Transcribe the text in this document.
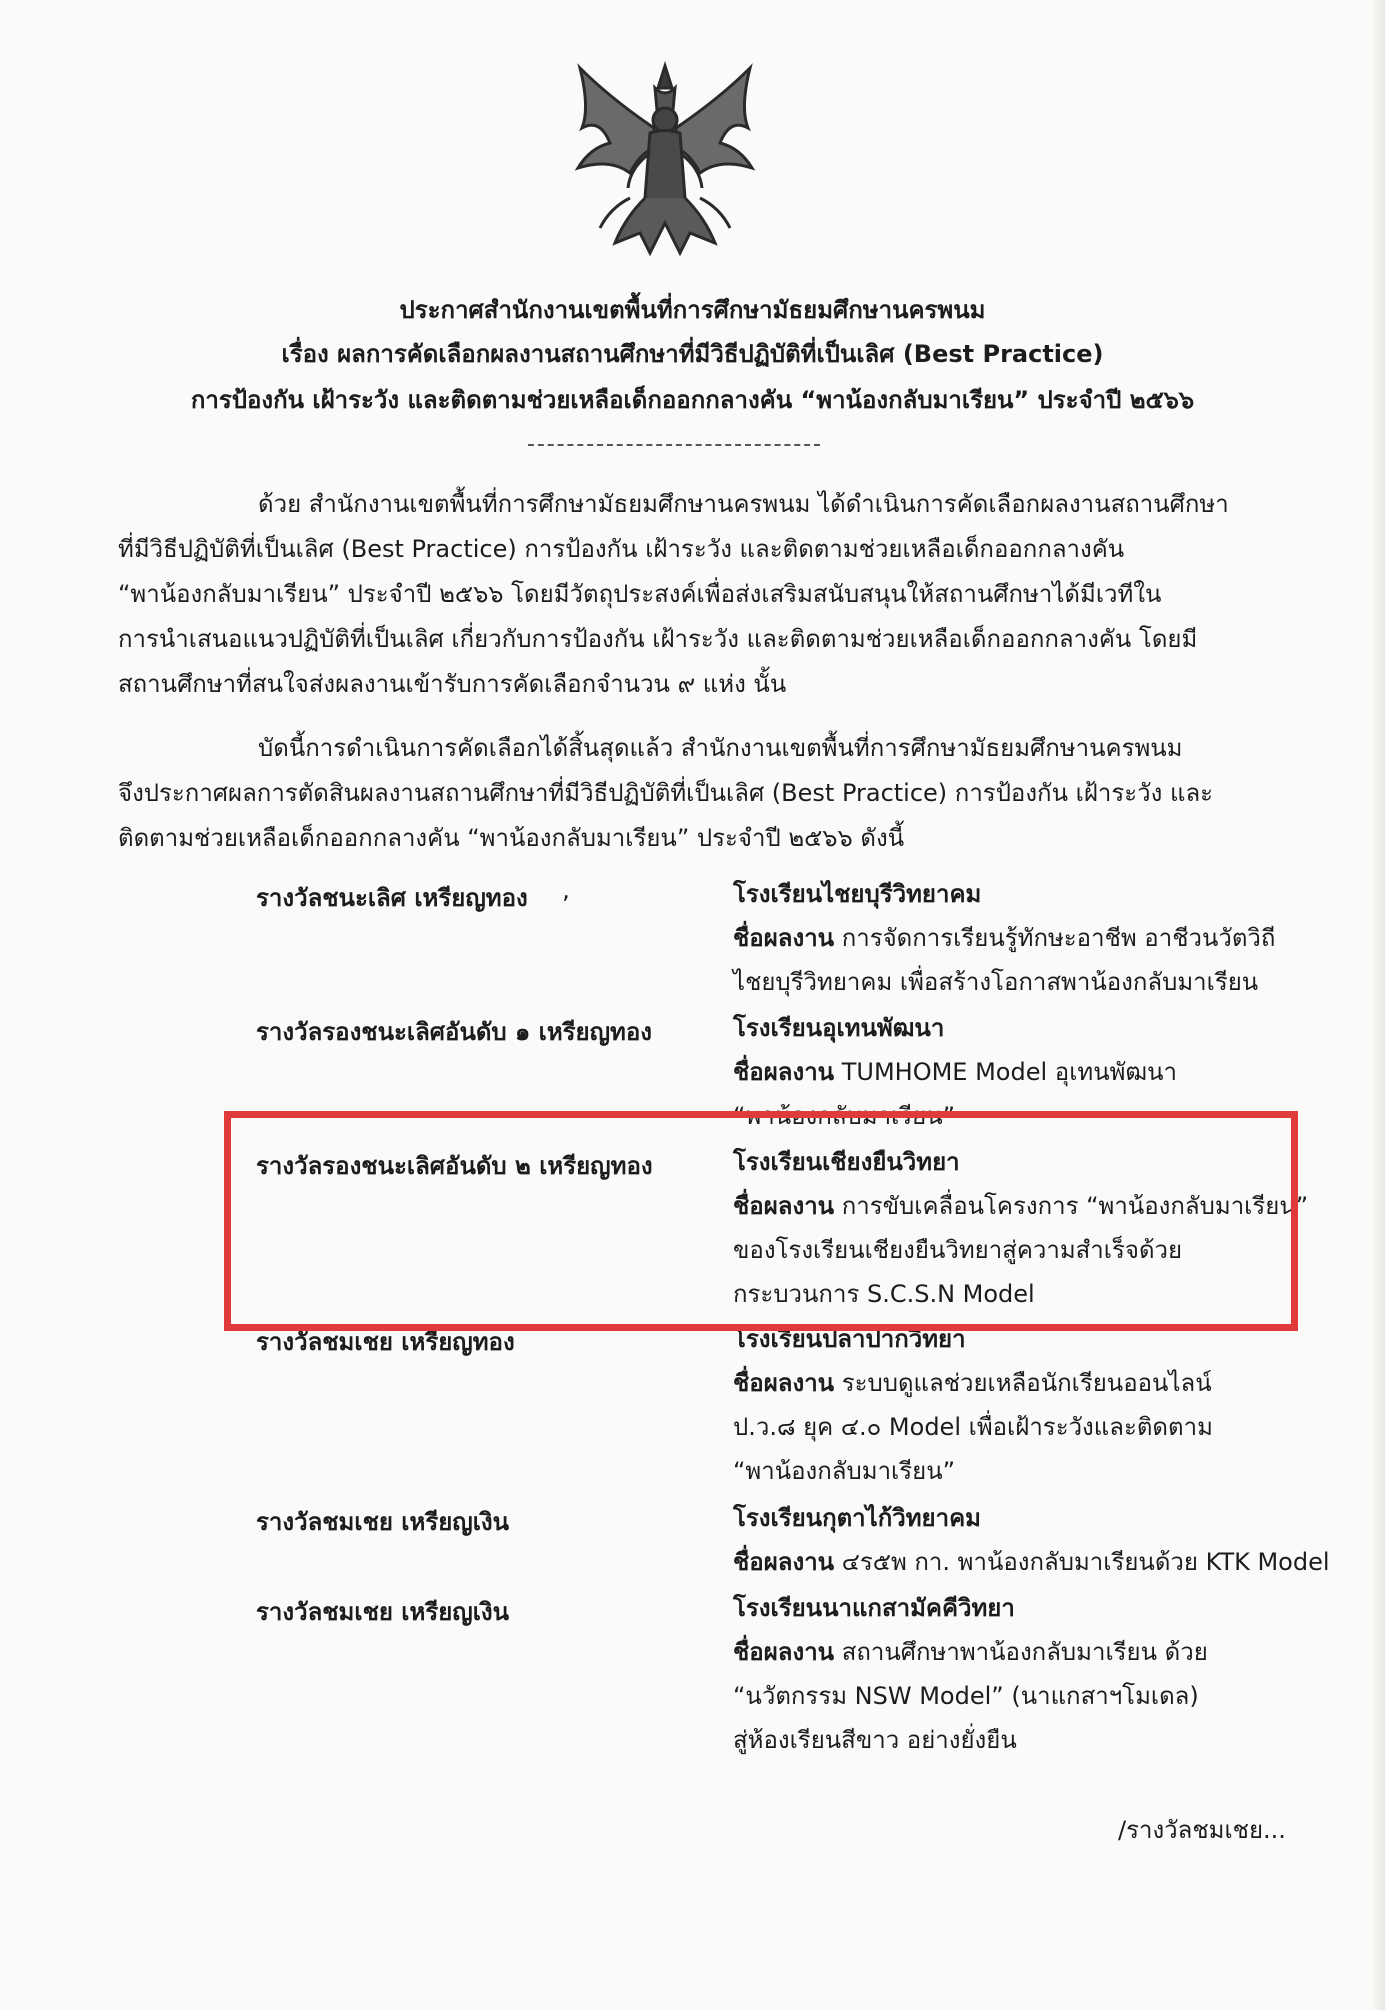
ประกาศสำนักงานเขตพื้นที่การศึกษามัธยมศึกษานครพนม
เรื่อง ผลการคัดเลือกผลงานสถานศึกษาที่มีวิธีปฏิบัติที่เป็นเลิศ (Best Practice)
การป้องกัน เฝ้าระวัง และติดตามช่วยเหลือเด็กออกกลางคัน “พาน้องกลับมาเรียน” ประจำปี ๒๕๖๖
ด้วย สำนักงานเขตพื้นที่การศึกษามัธยมศึกษานครพนม ได้ดำเนินการคัดเลือกผลงานสถานศึกษา
ที่มีวิธีปฏิบัติที่เป็นเลิศ (Best Practice) การป้องกัน เฝ้าระวัง และติดตามช่วยเหลือเด็กออกกลางคัน
“พาน้องกลับมาเรียน” ประจำปี ๒๕๖๖ โดยมีวัตถุประสงค์เพื่อส่งเสริมสนับสนุนให้สถานศึกษาได้มีเวทีใน
การนำเสนอแนวปฏิบัติที่เป็นเลิศ เกี่ยวกับการป้องกัน เฝ้าระวัง และติดตามช่วยเหลือเด็กออกกลางคัน โดยมี
สถานศึกษาที่สนใจส่งผลงานเข้ารับการคัดเลือกจำนวน ๙ แห่ง นั้น
บัดนี้การดำเนินการคัดเลือกได้สิ้นสุดแล้ว สำนักงานเขตพื้นที่การศึกษามัธยมศึกษานครพนม
จึงประกาศผลการตัดสินผลงานสถานศึกษาที่มีวิธีปฏิบัติที่เป็นเลิศ (Best Practice) การป้องกัน เฝ้าระวัง และ
ติดตามช่วยเหลือเด็กออกกลางคัน “พาน้องกลับมาเรียน” ประจำปี ๒๕๖๖ ดังนี้
รางวัลชนะเลิศ เหรียญทอง ‚	โรงเรียนไชยบุรีวิทยาคม
ชื่อผลงาน การจัดการเรียนรู้ทักษะอาชีพ อาชีวนวัตวิถี
ไชยบุรีวิทยาคม เพื่อสร้างโอกาสพาน้องกลับมาเรียน
รางวัลรองชนะเลิศอันดับ ๑ เหรียญทอง	โรงเรียนอุเทนพัฒนา
ชื่อผลงาน TUMHOME Model อุเทนพัฒนา
“พาน้องกลับมาเรียน”
รางวัลรองชนะเลิศอันดับ ๒ เหรียญทอง	โรงเรียนเชียงยืนวิทยา
ชื่อผลงาน การขับเคลื่อนโครงการ “พาน้องกลับมาเรียน”
ของโรงเรียนเชียงยืนวิทยาสู่ความสำเร็จด้วย
กระบวนการ S.C.S.N Model
รางวัลชมเชย เหรียญทอง	โรงเรียนปลาปากวิทยา
ชื่อผลงาน ระบบดูแลช่วยเหลือนักเรียนออนไลน์
ป.ว.๘ ยุค ๔.๐ Model เพื่อเฝ้าระวังและติดตาม
“พาน้องกลับมาเรียน”
รางวัลชมเชย เหรียญเงิน	โรงเรียนกุตาไก้วิทยาคม
ชื่อผลงาน ๔ร๕พ กา. พาน้องกลับมาเรียนด้วย KTK Model
รางวัลชมเชย เหรียญเงิน	โรงเรียนนาแกสามัคคีวิทยา
ชื่อผลงาน สถานศึกษาพาน้องกลับมาเรียน ด้วย
“นวัตกรรม NSW Model” (นาแกสาฯโมเดล)
สู่ห้องเรียนสีขาว อย่างยั่งยืน
/รางวัลชมเชย...
